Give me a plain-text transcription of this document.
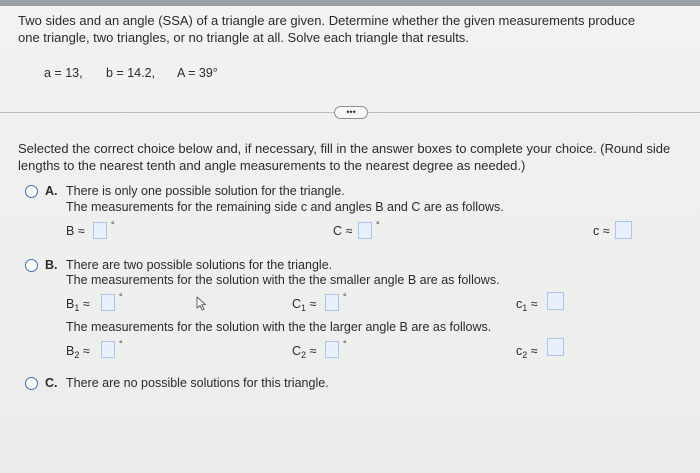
Two sides and an angle (SSA) of a triangle are given. Determine whether the given measurements produce
one triangle, two triangles, or no triangle at all. Solve each triangle that results.
a = 13, b = 14.2, A = 39°
•••
Selected the correct choice below and, if necessary, fill in the answer boxes to complete your choice. (Round side
lengths to the nearest tenth and angle measurements to the nearest degree as needed.)
A. There is only one possible solution for the triangle.
The measurements for the remaining side c and angles B and C are as follows.
B ≈	°	C ≈	°	c ≈
B. There are two possible solutions for the triangle.
The measurements for the solution with the the smaller angle B are as follows.
$B_1$ ≈	°	$C_1$ ≈	°	$c_1$ ≈
The measurements for the solution with the the larger angle B are as follows.
$B_2$ ≈	°	$C_2$ ≈	°	$c_2$ ≈
C. There are no possible solutions for this triangle.
